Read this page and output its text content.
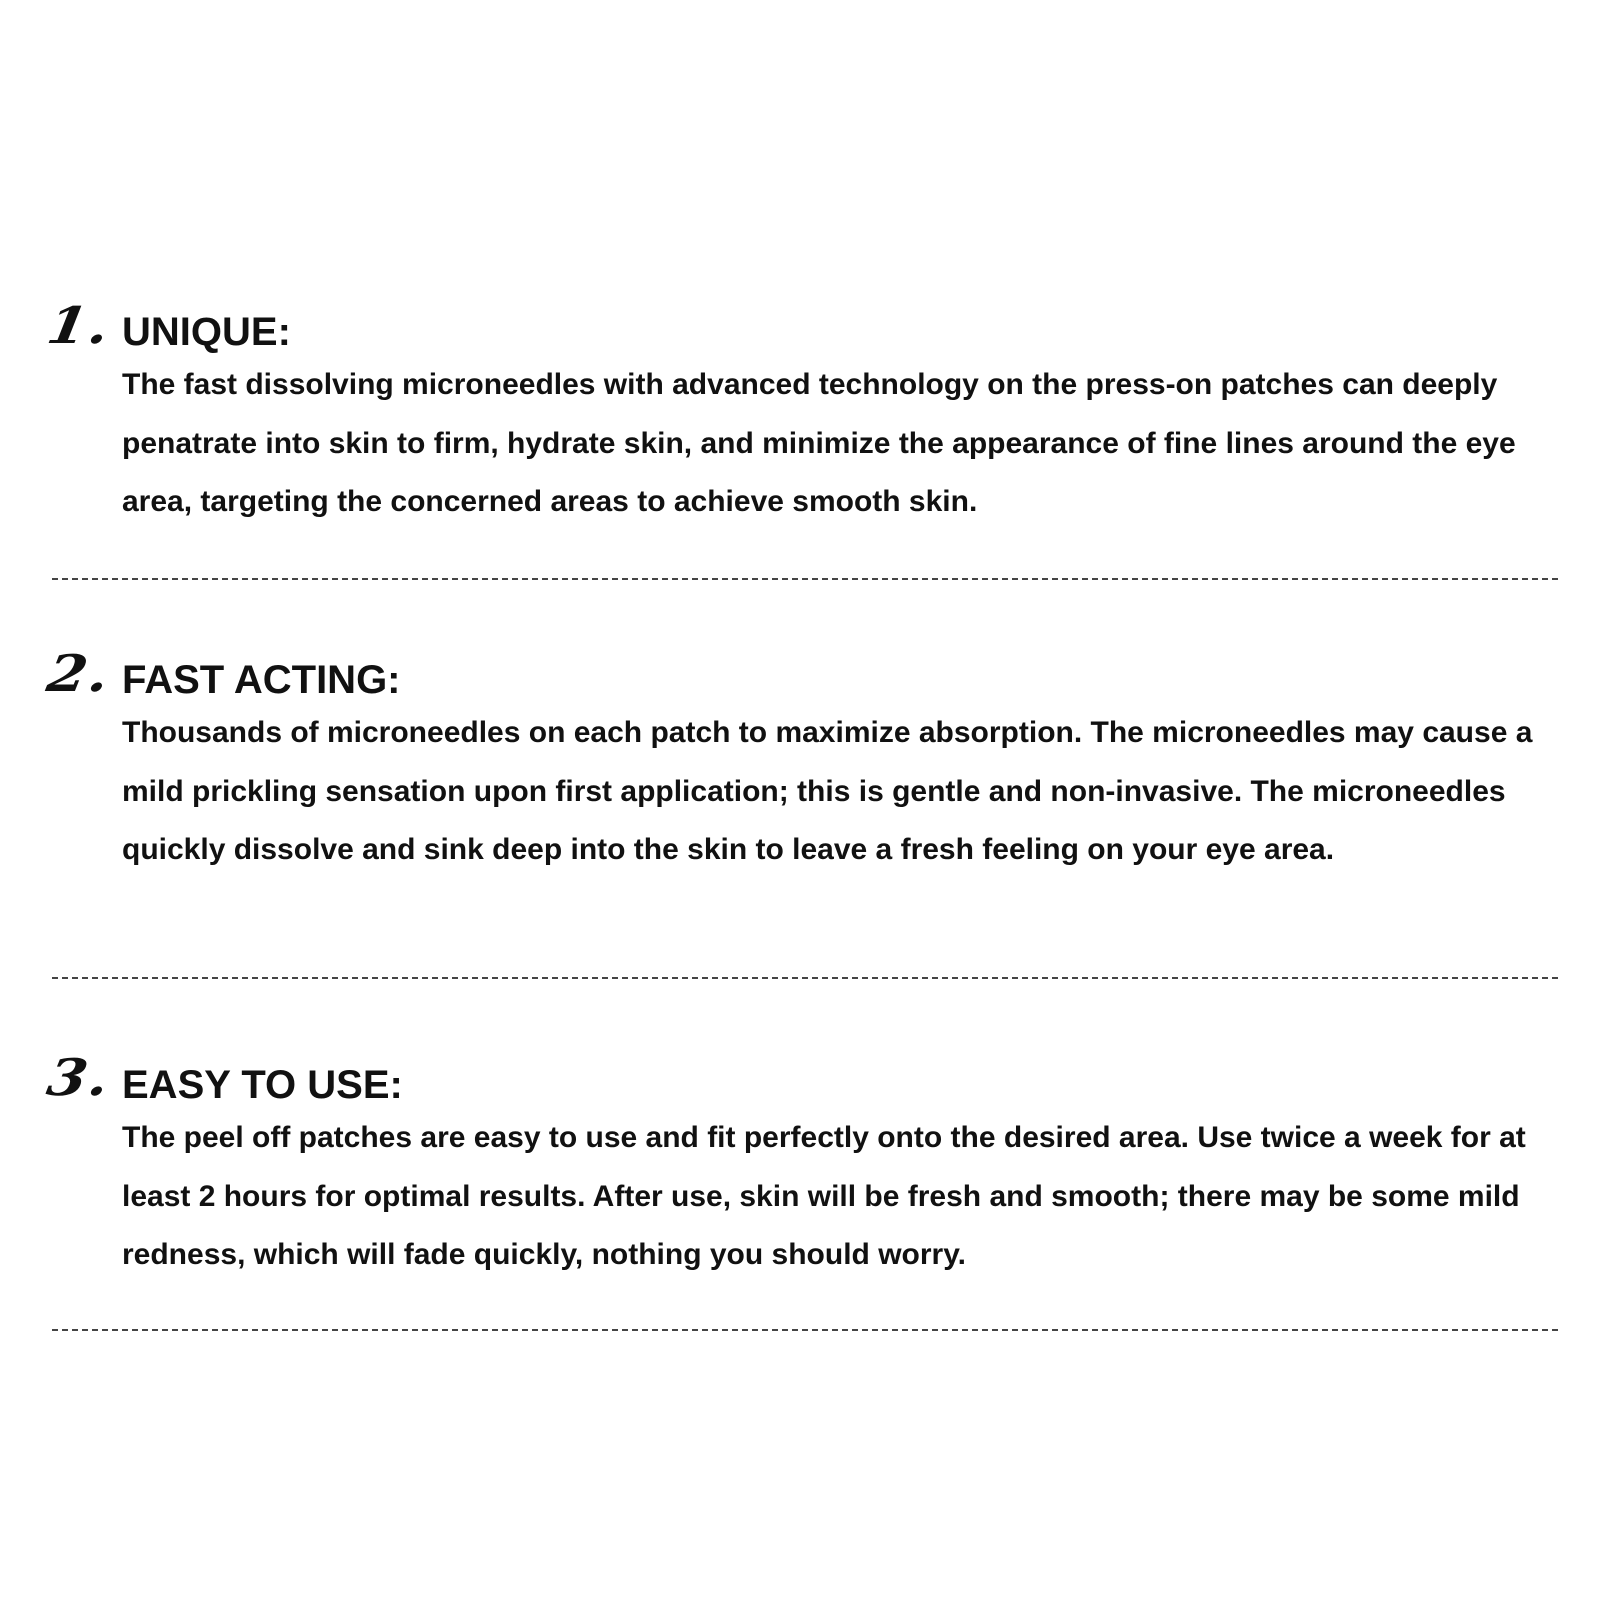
1. UNIQUE:

The fast dissolving microneedles with advanced technology on the press-on patches can deeply penatrate into skin to firm, hydrate skin, and minimize the appearance of fine lines around the eye area, targeting the concerned areas to achieve smooth skin.

2. FAST ACTING:

Thousands of microneedles on each patch to maximize absorption. The microneedles may cause a mild prickling sensation upon first application; this is gentle and non-invasive. The microneedles quickly dissolve and sink deep into the skin to leave a fresh feeling on your eye area.

3. EASY TO USE:

The peel off patches are easy to use and fit perfectly onto the desired area. Use twice a week for at least 2 hours for optimal results. After use, skin will be fresh and smooth; there may be some mild redness, which will fade quickly, nothing you should worry.
